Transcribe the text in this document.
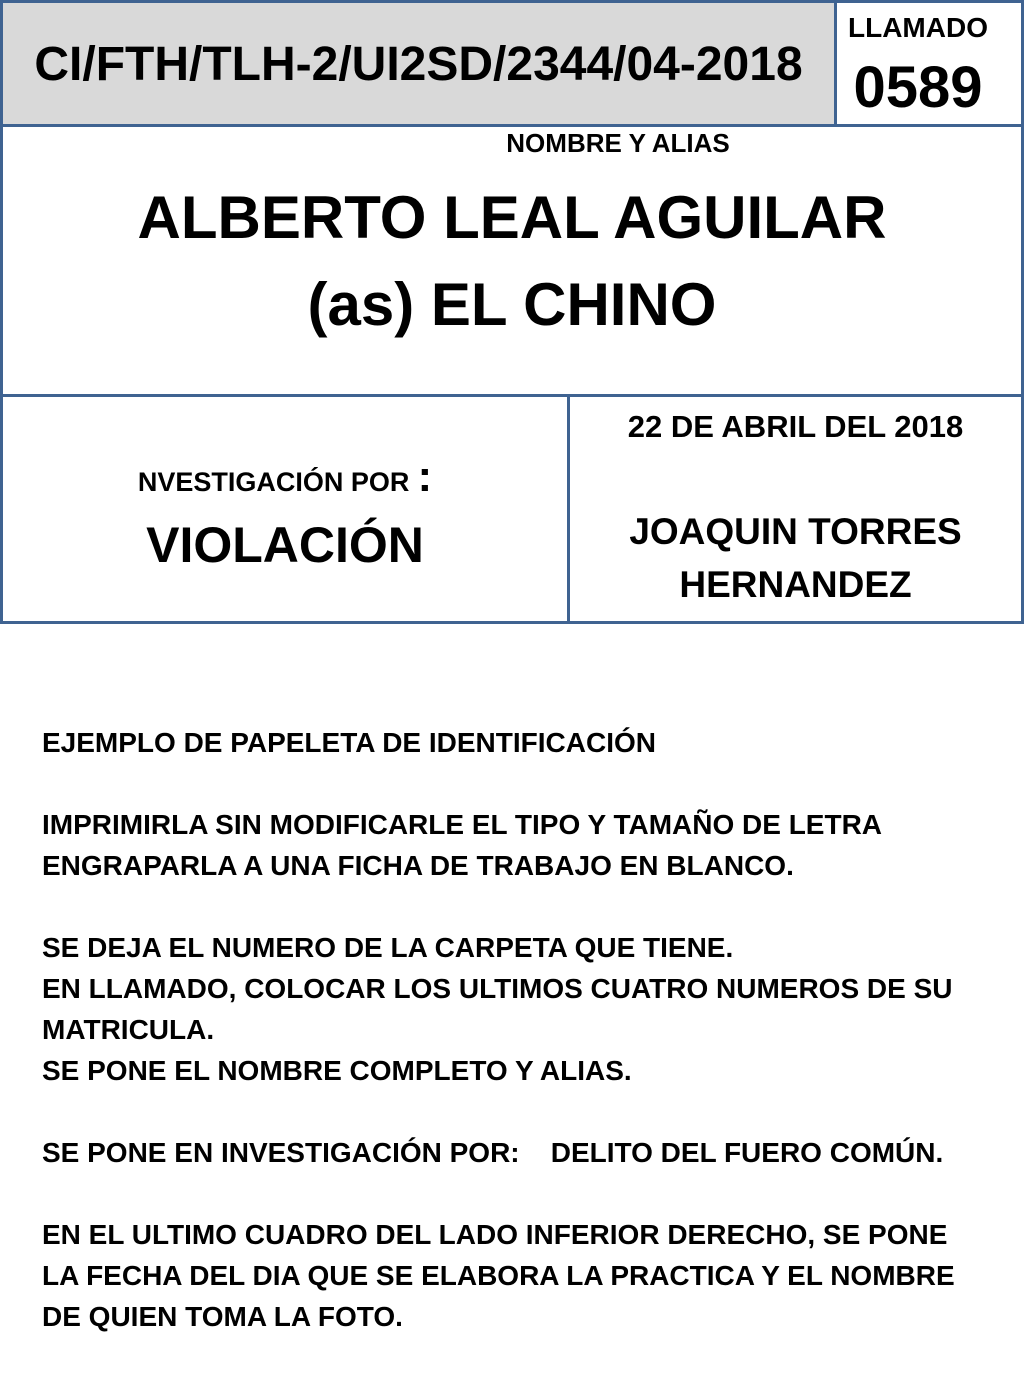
CI/FTH/TLH-2/UI2SD/2344/04-2018
LLAMADO
0589
NOMBRE Y ALIAS
ALBERTO LEAL AGUILAR
(as) EL CHINO
NVESTIGACIÓN POR :
VIOLACIÓN
22 DE ABRIL DEL 2018
JOAQUIN TORRES HERNANDEZ
EJEMPLO DE PAPELETA DE IDENTIFICACIÓN
IMPRIMIRLA SIN MODIFICARLE EL TIPO Y TAMAÑO DE LETRA
ENGRAPARLA A UNA FICHA DE TRABAJO EN BLANCO.
SE DEJA EL NUMERO DE LA CARPETA QUE TIENE.
EN LLAMADO, COLOCAR LOS ULTIMOS CUATRO NUMEROS DE SU
MATRICULA.
SE PONE EL NOMBRE COMPLETO Y ALIAS.
SE PONE EN INVESTIGACIÓN POR:    DELITO DEL FUERO COMÚN.
EN EL ULTIMO CUADRO DEL LADO INFERIOR DERECHO, SE PONE
LA FECHA DEL DIA QUE SE ELABORA LA PRACTICA Y EL NOMBRE
DE QUIEN TOMA LA FOTO.
